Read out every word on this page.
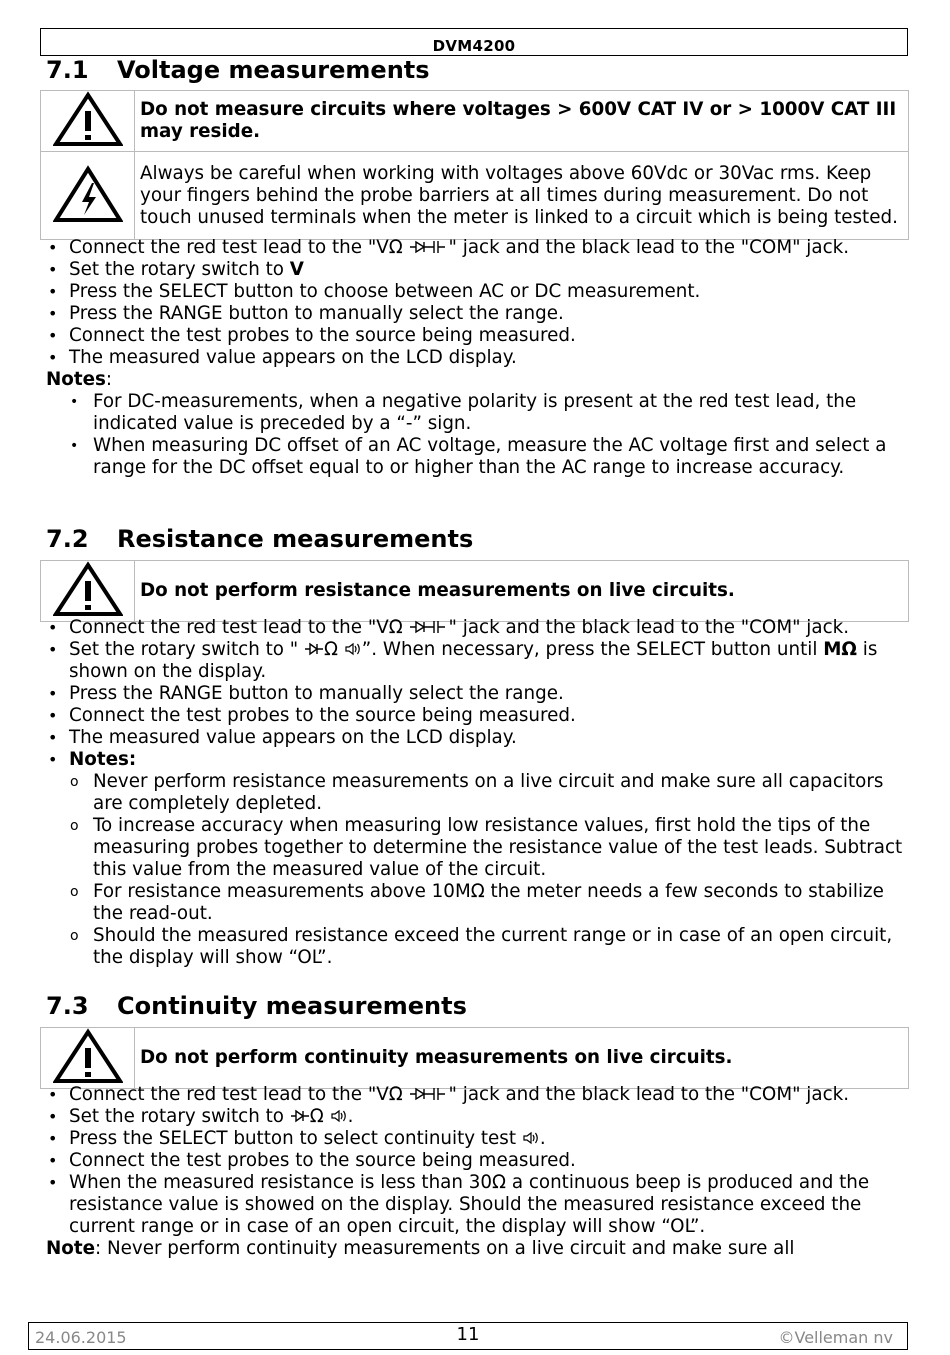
DVM4200
7.1 Voltage measurements
	Do not measure circuits where voltages > 600V CAT IV or > 1000V CAT III may reside.
	Always be careful when working with voltages above 60Vdc or 30Vac rms. Keep your fingers behind the probe barriers at all times during measurement. Do not touch unused terminals when the meter is linked to a circuit which is being tested.
• Connect the red test lead to the "VΩ " jack and the black lead to the "COM" jack.
• Set the rotary switch to V
• Press the SELECT button to choose between AC or DC measurement.
• Press the RANGE button to manually select the range.
• Connect the test probes to the source being measured.
• The measured value appears on the LCD display.
Notes:
• For DC-measurements, when a negative polarity is present at the red test lead, the indicated value is preceded by a “-” sign.
• When measuring DC offset of an AC voltage, measure the AC voltage first and select a range for the DC offset equal to or higher than the AC range to increase accuracy.
7.2 Resistance measurements
	Do not perform resistance measurements on live circuits.
• Connect the red test lead to the "VΩ " jack and the black lead to the "COM" jack.
• Set the rotary switch to " Ω ”. When necessary, press the SELECT button until MΩ is shown on the display.
• Press the RANGE button to manually select the range.
• Connect the test probes to the source being measured.
• The measured value appears on the LCD display.
• Notes:
o Never perform resistance measurements on a live circuit and make sure all capacitors are completely depleted.
o To increase accuracy when measuring low resistance values, first hold the tips of the measuring probes together to determine the resistance value of the test leads. Subtract this value from the measured value of the circuit.
o For resistance measurements above 10MΩ the meter needs a few seconds to stabilize the read-out.
o Should the measured resistance exceed the current range or in case of an open circuit, the display will show “OL”.
7.3 Continuity measurements
	Do not perform continuity measurements on live circuits.
• Connect the red test lead to the "VΩ " jack and the black lead to the "COM" jack.
• Set the rotary switch to Ω .
• Press the SELECT button to select continuity test .
• Connect the test probes to the source being measured.
• When the measured resistance is less than 30Ω a continuous beep is produced and the resistance value is showed on the display. Should the measured resistance exceed the current range or in case of an open circuit, the display will show “OL”.
Note: Never perform continuity measurements on a live circuit and make sure all
24.06.2015	11	©Velleman nv
